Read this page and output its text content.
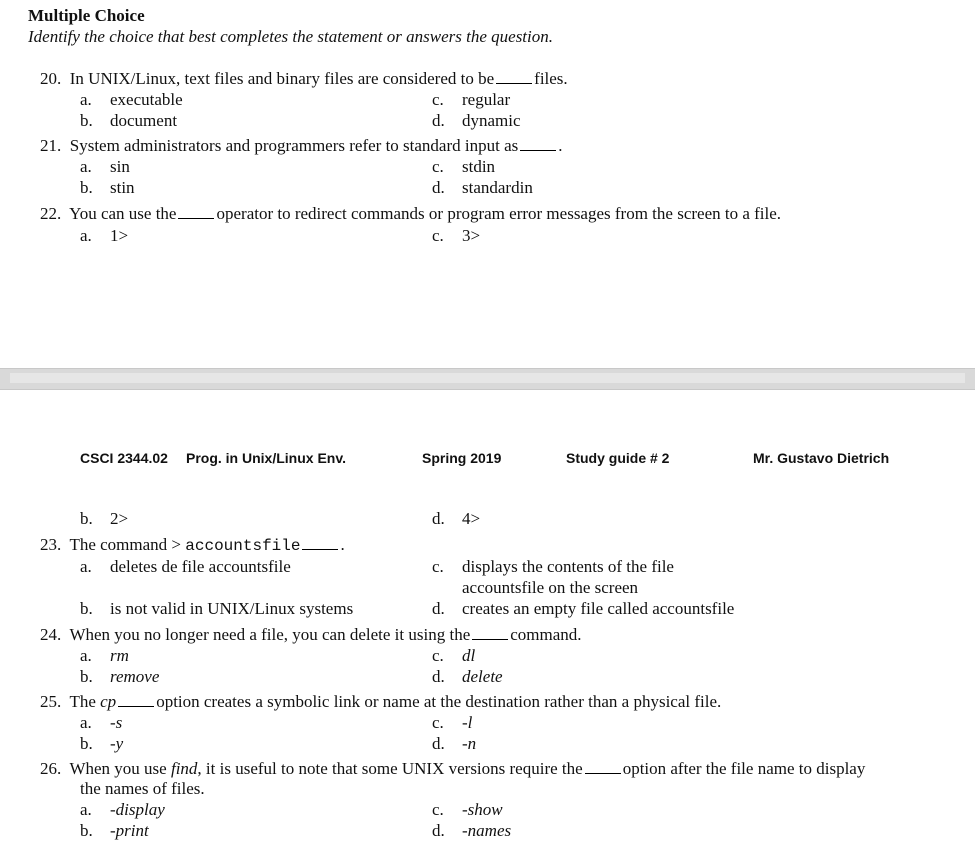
Multiple Choice
Identify the choice that best completes the statement or answers the question.
20. In UNIX/Linux, text files and binary files are considered to be files.
a. executable	c. regular
b. document	d. dynamic
21. System administrators and programmers refer to standard input as .
a. sin	c. stdin
b. stin	d. standardin
22. You can use the operator to redirect commands or program error messages from the screen to a file.
a. 1>	c. 3>
CSCI 2344.02 Prog. in Unix/Linux Env.	Spring 2019	Study guide # 2	Mr. Gustavo Dietrich
b. 2>	d. 4>
23. The command > accountsfile .
a. deletes de file accountsfile	c. displays the contents of the file
accountsfile on the screen
b. is not valid in UNIX/Linux systems	d. creates an empty file called accountsfile
24. When you no longer need a file, you can delete it using the command.
a. rm	c. dl
b. remove	d. delete
25. The cp option creates a symbolic link or name at the destination rather than a physical file.
a. -s	c. -l
b. -y	d. -n
26. When you use find, it is useful to note that some UNIX versions require the option after the file name to display
the names of files.
a. -display	c. -show
b. -print	d. -names
